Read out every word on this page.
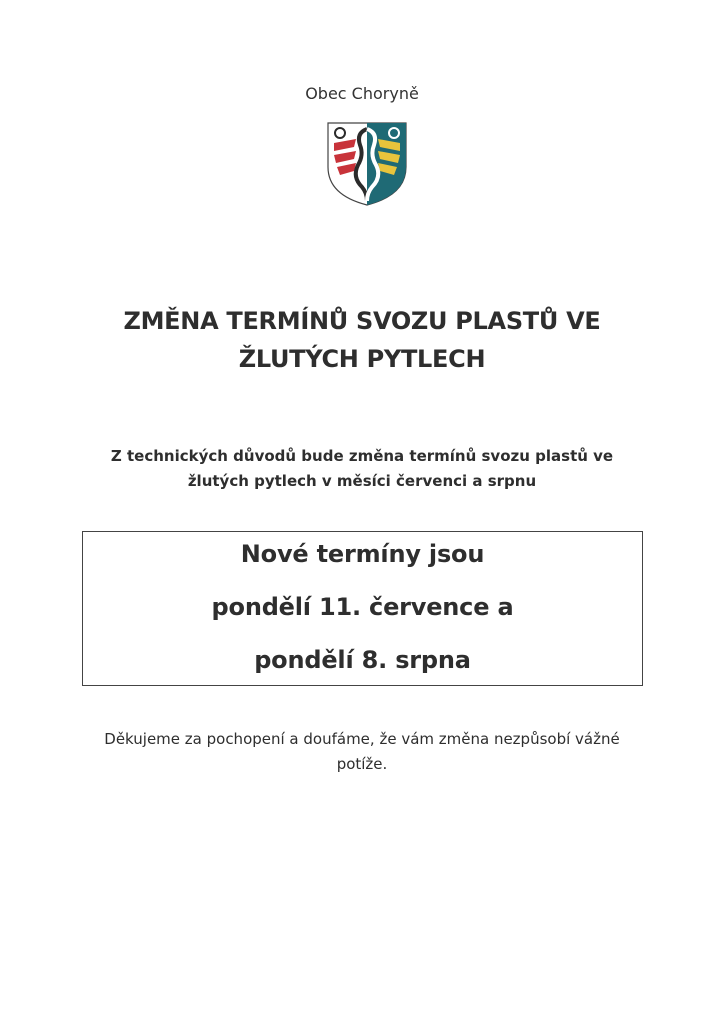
Obec Choryně
ZMĚNA TERMÍNŮ SVOZU PLASTŮ VE
ŽLUTÝCH PYTLECH
Z technických důvodů bude změna termínů svozu plastů ve
žlutých pytlech v měsíci červenci a srpnu
Nové termíny jsou
pondělí 11. července a
pondělí 8. srpna
Děkujeme za pochopení a doufáme, že vám změna nezpůsobí vážné
potíže.
